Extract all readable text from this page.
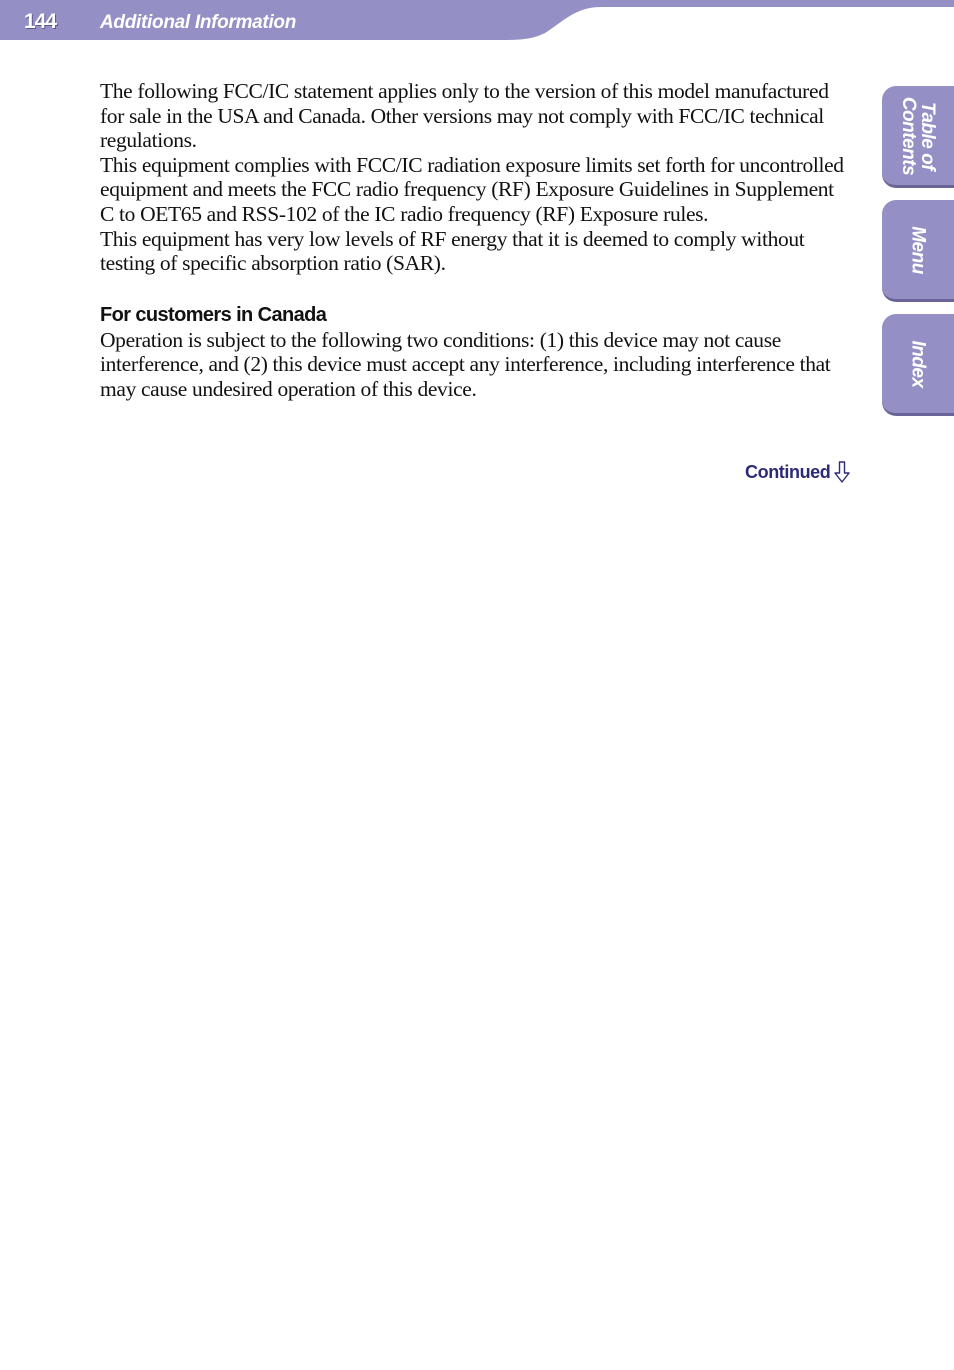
144 Additional Information

The following FCC/IC statement applies only to the version of this model manufactured for sale in the USA and Canada. Other versions may not comply with FCC/IC technical regulations.

This equipment complies with FCC/IC radiation exposure limits set forth for uncontrolled equipment and meets the FCC radio frequency (RF) Exposure Guidelines in Supplement C to OET65 and RSS-102 of the IC radio frequency (RF) Exposure rules.

This equipment has very low levels of RF energy that it is deemed to comply without testing of specific absorption ratio (SAR).

For customers in Canada

Operation is subject to the following two conditions: (1) this device may not cause interference, and (2) this device must accept any interference, including interference that may cause undesired operation of this device.

Continued
Table of
Contents
Menu
Index
